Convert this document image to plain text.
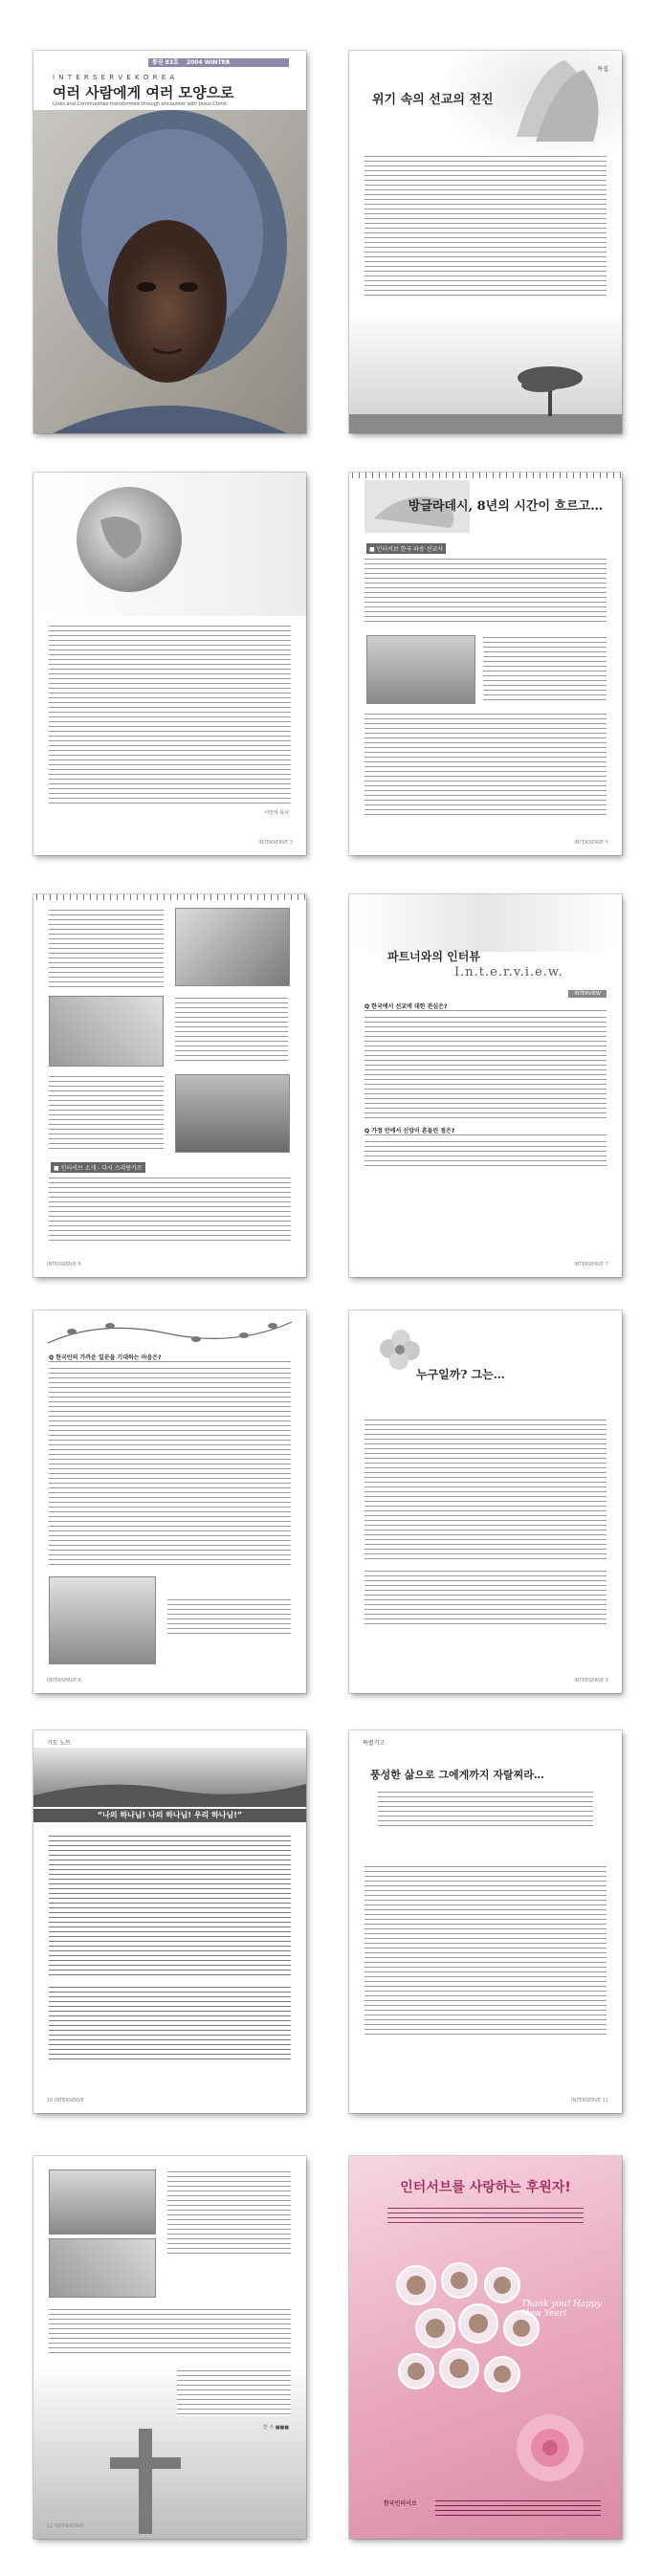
통권 83호 2004 WINTER
I N T E R S E R V E K O R E A
여러 사람에게 여러 모양으로
Lives and Communities transformed through encounter with Jesus Christ
특집
위기 속의 선교의 전진
이만석 목사
INTERSERVE 3
방글라데시, 8년의 시간이 흐르고…
■ 인터서브 한국 파송 선교사
INTERSERVE 5
■ 인터서브 소개 - 다시 스리랑카로
INTERSERVE 6
파트너와의 인터뷰
I.n.t.e.r.v.i.e.w.
INTERVIEW
Q 한국에서 선교에 대한 관심은?
Q 가정 안에서 신앙이 흔들린 점은?
INTERSERVE 7
Q 한국인의 가까운 일꾼을 기대하는 마음은?
INTERSERVE 8
누구일까? 그는…
INTERSERVE 9
기도 노트
“나의 하나님! 나의 하나님! 우리 하나님!”
10 INTERSERVE
특별기고
풍성한 삶으로 그에게까지 자랄찌라…
INTERSERVE 11
한 주 ■■■
12 INTERSERVE
인터서브를 사랑하는 후원자!
Thank you! Happy New Year!
한국인터서브
